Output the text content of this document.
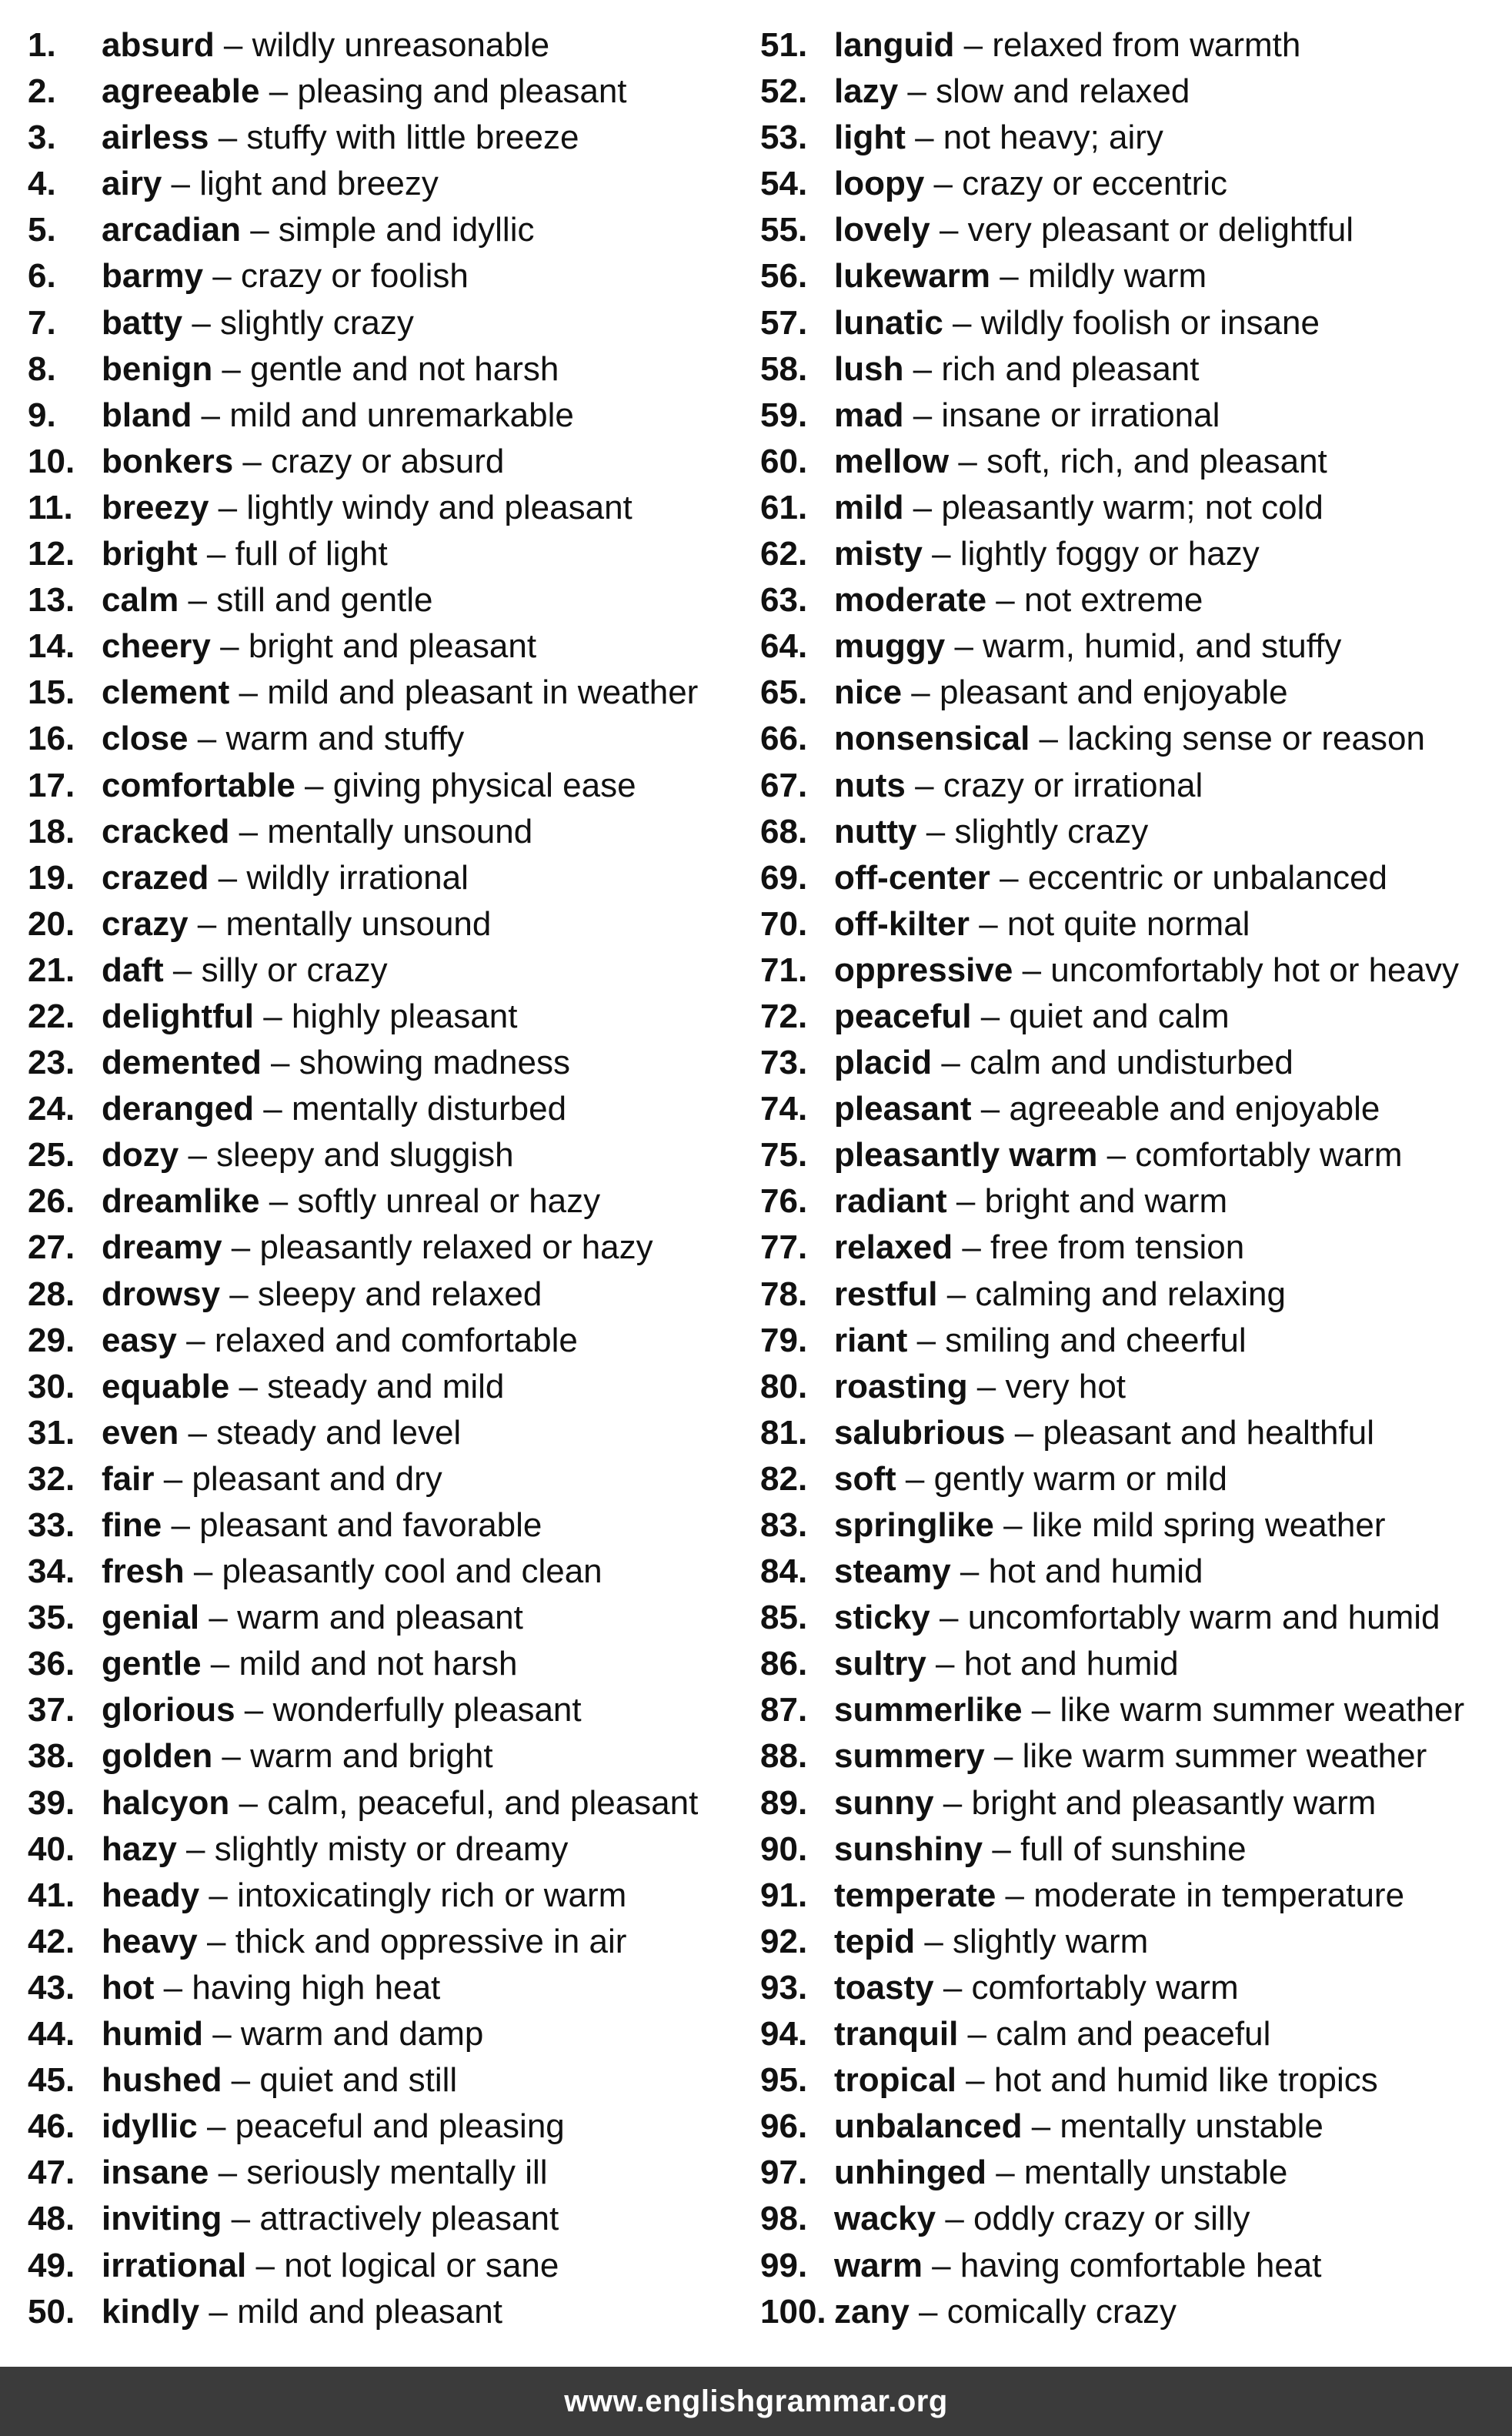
1.	absurd – wildly unreasonable
2.	agreeable – pleasing and pleasant
3.	airless – stuffy with little breeze
4.	airy – light and breezy
5.	arcadian – simple and idyllic
6.	barmy – crazy or foolish
7.	batty – slightly crazy
8.	benign – gentle and not harsh
9.	bland – mild and unremarkable
10. bonkers – crazy or absurd
11. breezy – lightly windy and pleasant
12. bright – full of light
13. calm – still and gentle
14. cheery – bright and pleasant
15. clement – mild and pleasant in weather
16. close – warm and stuffy
17. comfortable – giving physical ease
18. cracked – mentally unsound
19. crazed – wildly irrational
20. crazy – mentally unsound
21. daft – silly or crazy
22. delightful – highly pleasant
23. demented – showing madness
24. deranged – mentally disturbed
25. dozy – sleepy and sluggish
26. dreamlike – softly unreal or hazy
27. dreamy – pleasantly relaxed or hazy
28. drowsy – sleepy and relaxed
29. easy – relaxed and comfortable
30. equable – steady and mild
31. even – steady and level
32. fair – pleasant and dry
33. fine – pleasant and favorable
34. fresh – pleasantly cool and clean
35. genial – warm and pleasant
36. gentle – mild and not harsh
37. glorious – wonderfully pleasant
38. golden – warm and bright
39. halcyon – calm, peaceful, and pleasant
40. hazy – slightly misty or dreamy
41. heady – intoxicatingly rich or warm
42. heavy – thick and oppressive in air
43. hot – having high heat
44. humid – warm and damp
45. hushed – quiet and still
46. idyllic – peaceful and pleasing
47. insane – seriously mentally ill
48. inviting – attractively pleasant
49. irrational – not logical or sane
50. kindly – mild and pleasant
51. languid – relaxed from warmth
52. lazy – slow and relaxed
53. light – not heavy; airy
54. loopy – crazy or eccentric
55. lovely – very pleasant or delightful
56. lukewarm – mildly warm
57. lunatic – wildly foolish or insane
58. lush – rich and pleasant
59. mad – insane or irrational
60. mellow – soft, rich, and pleasant
61. mild – pleasantly warm; not cold
62. misty – lightly foggy or hazy
63. moderate – not extreme
64. muggy – warm, humid, and stuffy
65. nice – pleasant and enjoyable
66. nonsensical – lacking sense or reason
67. nuts – crazy or irrational
68. nutty – slightly crazy
69. off-center – eccentric or unbalanced
70. off-kilter – not quite normal
71. oppressive – uncomfortably hot or heavy
72. peaceful – quiet and calm
73. placid – calm and undisturbed
74. pleasant – agreeable and enjoyable
75. pleasantly warm – comfortably warm
76. radiant – bright and warm
77. relaxed – free from tension
78. restful – calming and relaxing
79. riant – smiling and cheerful
80. roasting – very hot
81. salubrious – pleasant and healthful
82. soft – gently warm or mild
83. springlike – like mild spring weather
84. steamy – hot and humid
85. sticky – uncomfortably warm and humid
86. sultry – hot and humid
87. summerlike – like warm summer weather
88. summery – like warm summer weather
89. sunny – bright and pleasantly warm
90. sunshiny – full of sunshine
91. temperate – moderate in temperature
92. tepid – slightly warm
93. toasty – comfortably warm
94. tranquil – calm and peaceful
95. tropical – hot and humid like tropics
96. unbalanced – mentally unstable
97. unhinged – mentally unstable
98. wacky – oddly crazy or silly
99. warm – having comfortable heat
100. zany – comically crazy
www.englishgrammar.org
